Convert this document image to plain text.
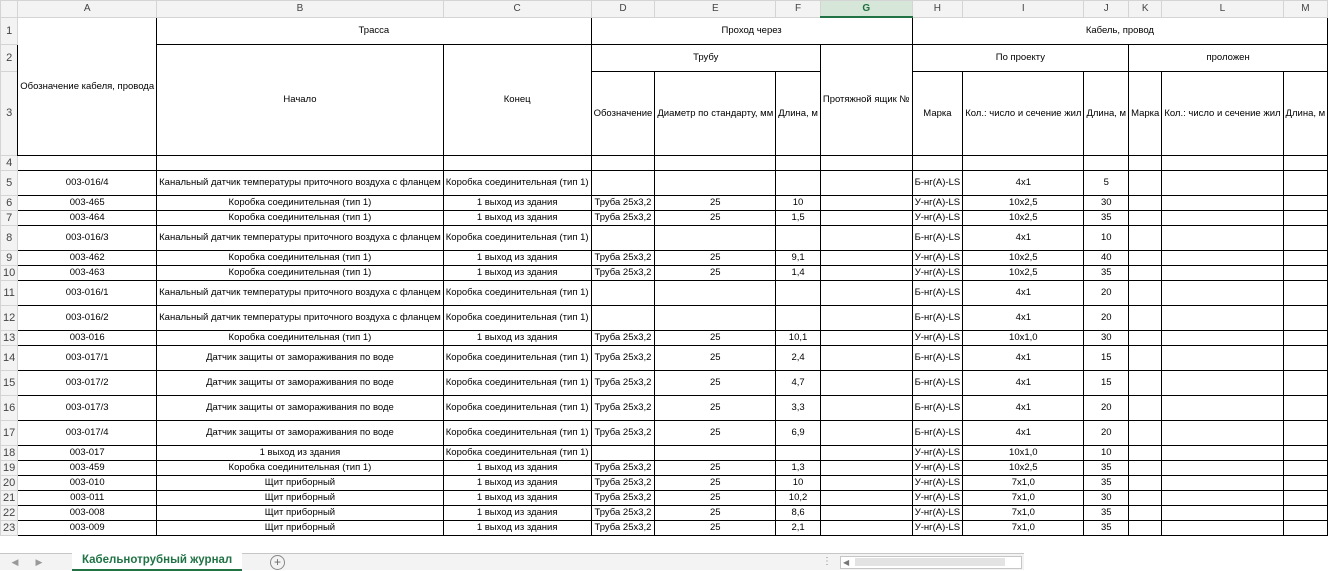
	A	B	C	D	E	F	G	H	I	J	K	L	M
1	Обозначение кабеля, провода	Трасса		Проход через				Кабель, провод					
2		Начало	Конец	Трубу			Протяжной ящик №	По проекту			проложен		
3				Обозначение	Диаметр по стандарту, мм	Длина, м		Марка	Кол.: число и сечение жил	Длина, м	Марка	Кол.: число и сечение жил	Длина, м
4													
5	003-016/4	Канальный датчик температуры приточного воздуха с фланцем	Коробка соединительная (тип 1)					Б-нг(А)-LS	4x1	5			
6	003-465	Коробка соединительная (тип 1)	1 выход из здания	Труба 25х3,2	25	10		У-нг(А)-LS	10x2,5	30			
7	003-464	Коробка соединительная (тип 1)	1 выход из здания	Труба 25х3,2	25	1,5		У-нг(А)-LS	10x2,5	35			
8	003-016/3	Канальный датчик температуры приточного воздуха с фланцем	Коробка соединительная (тип 1)					Б-нг(А)-LS	4x1	10			
9	003-462	Коробка соединительная (тип 1)	1 выход из здания	Труба 25х3,2	25	9,1		У-нг(А)-LS	10x2,5	40			
10	003-463	Коробка соединительная (тип 1)	1 выход из здания	Труба 25х3,2	25	1,4		У-нг(А)-LS	10x2,5	35			
11	003-016/1	Канальный датчик температуры приточного воздуха с фланцем	Коробка соединительная (тип 1)					Б-нг(А)-LS	4x1	20			
12	003-016/2	Канальный датчик температуры приточного воздуха с фланцем	Коробка соединительная (тип 1)					Б-нг(А)-LS	4x1	20			
13	003-016	Коробка соединительная (тип 1)	1 выход из здания	Труба 25х3,2	25	10,1		У-нг(А)-LS	10x1,0	30			
14	003-017/1	Датчик защиты от замораживания по воде	Коробка соединительная (тип 1)	Труба 25х3,2	25	2,4		Б-нг(А)-LS	4x1	15			
15	003-017/2	Датчик защиты от замораживания по воде	Коробка соединительная (тип 1)	Труба 25х3,2	25	4,7		Б-нг(А)-LS	4x1	15			
16	003-017/3	Датчик защиты от замораживания по воде	Коробка соединительная (тип 1)	Труба 25х3,2	25	3,3		Б-нг(А)-LS	4x1	20			
17	003-017/4	Датчик защиты от замораживания по воде	Коробка соединительная (тип 1)	Труба 25х3,2	25	6,9		Б-нг(А)-LS	4x1	20			
18	003-017	1 выход из здания	Коробка соединительная (тип 1)					У-нг(А)-LS	10x1,0	10			
19	003-459	Коробка соединительная (тип 1)	1 выход из здания	Труба 25х3,2	25	1,3		У-нг(А)-LS	10x2,5	35			
20	003-010	Щит приборный	1 выход из здания	Труба 25х3,2	25	10		У-нг(А)-LS	7x1,0	35			
21	003-011	Щит приборный	1 выход из здания	Труба 25х3,2	25	10,2		У-нг(А)-LS	7x1,0	30			
22	003-008	Щит приборный	1 выход из здания	Труба 25х3,2	25	8,6		У-нг(А)-LS	7x1,0	35			
23	003-009	Щит приборный	1 выход из здания	Труба 25х3,2	25	2,1		У-нг(А)-LS	7x1,0	35			
◀	▶	Кабельнотрубный журнал	+	⋮ ◀
